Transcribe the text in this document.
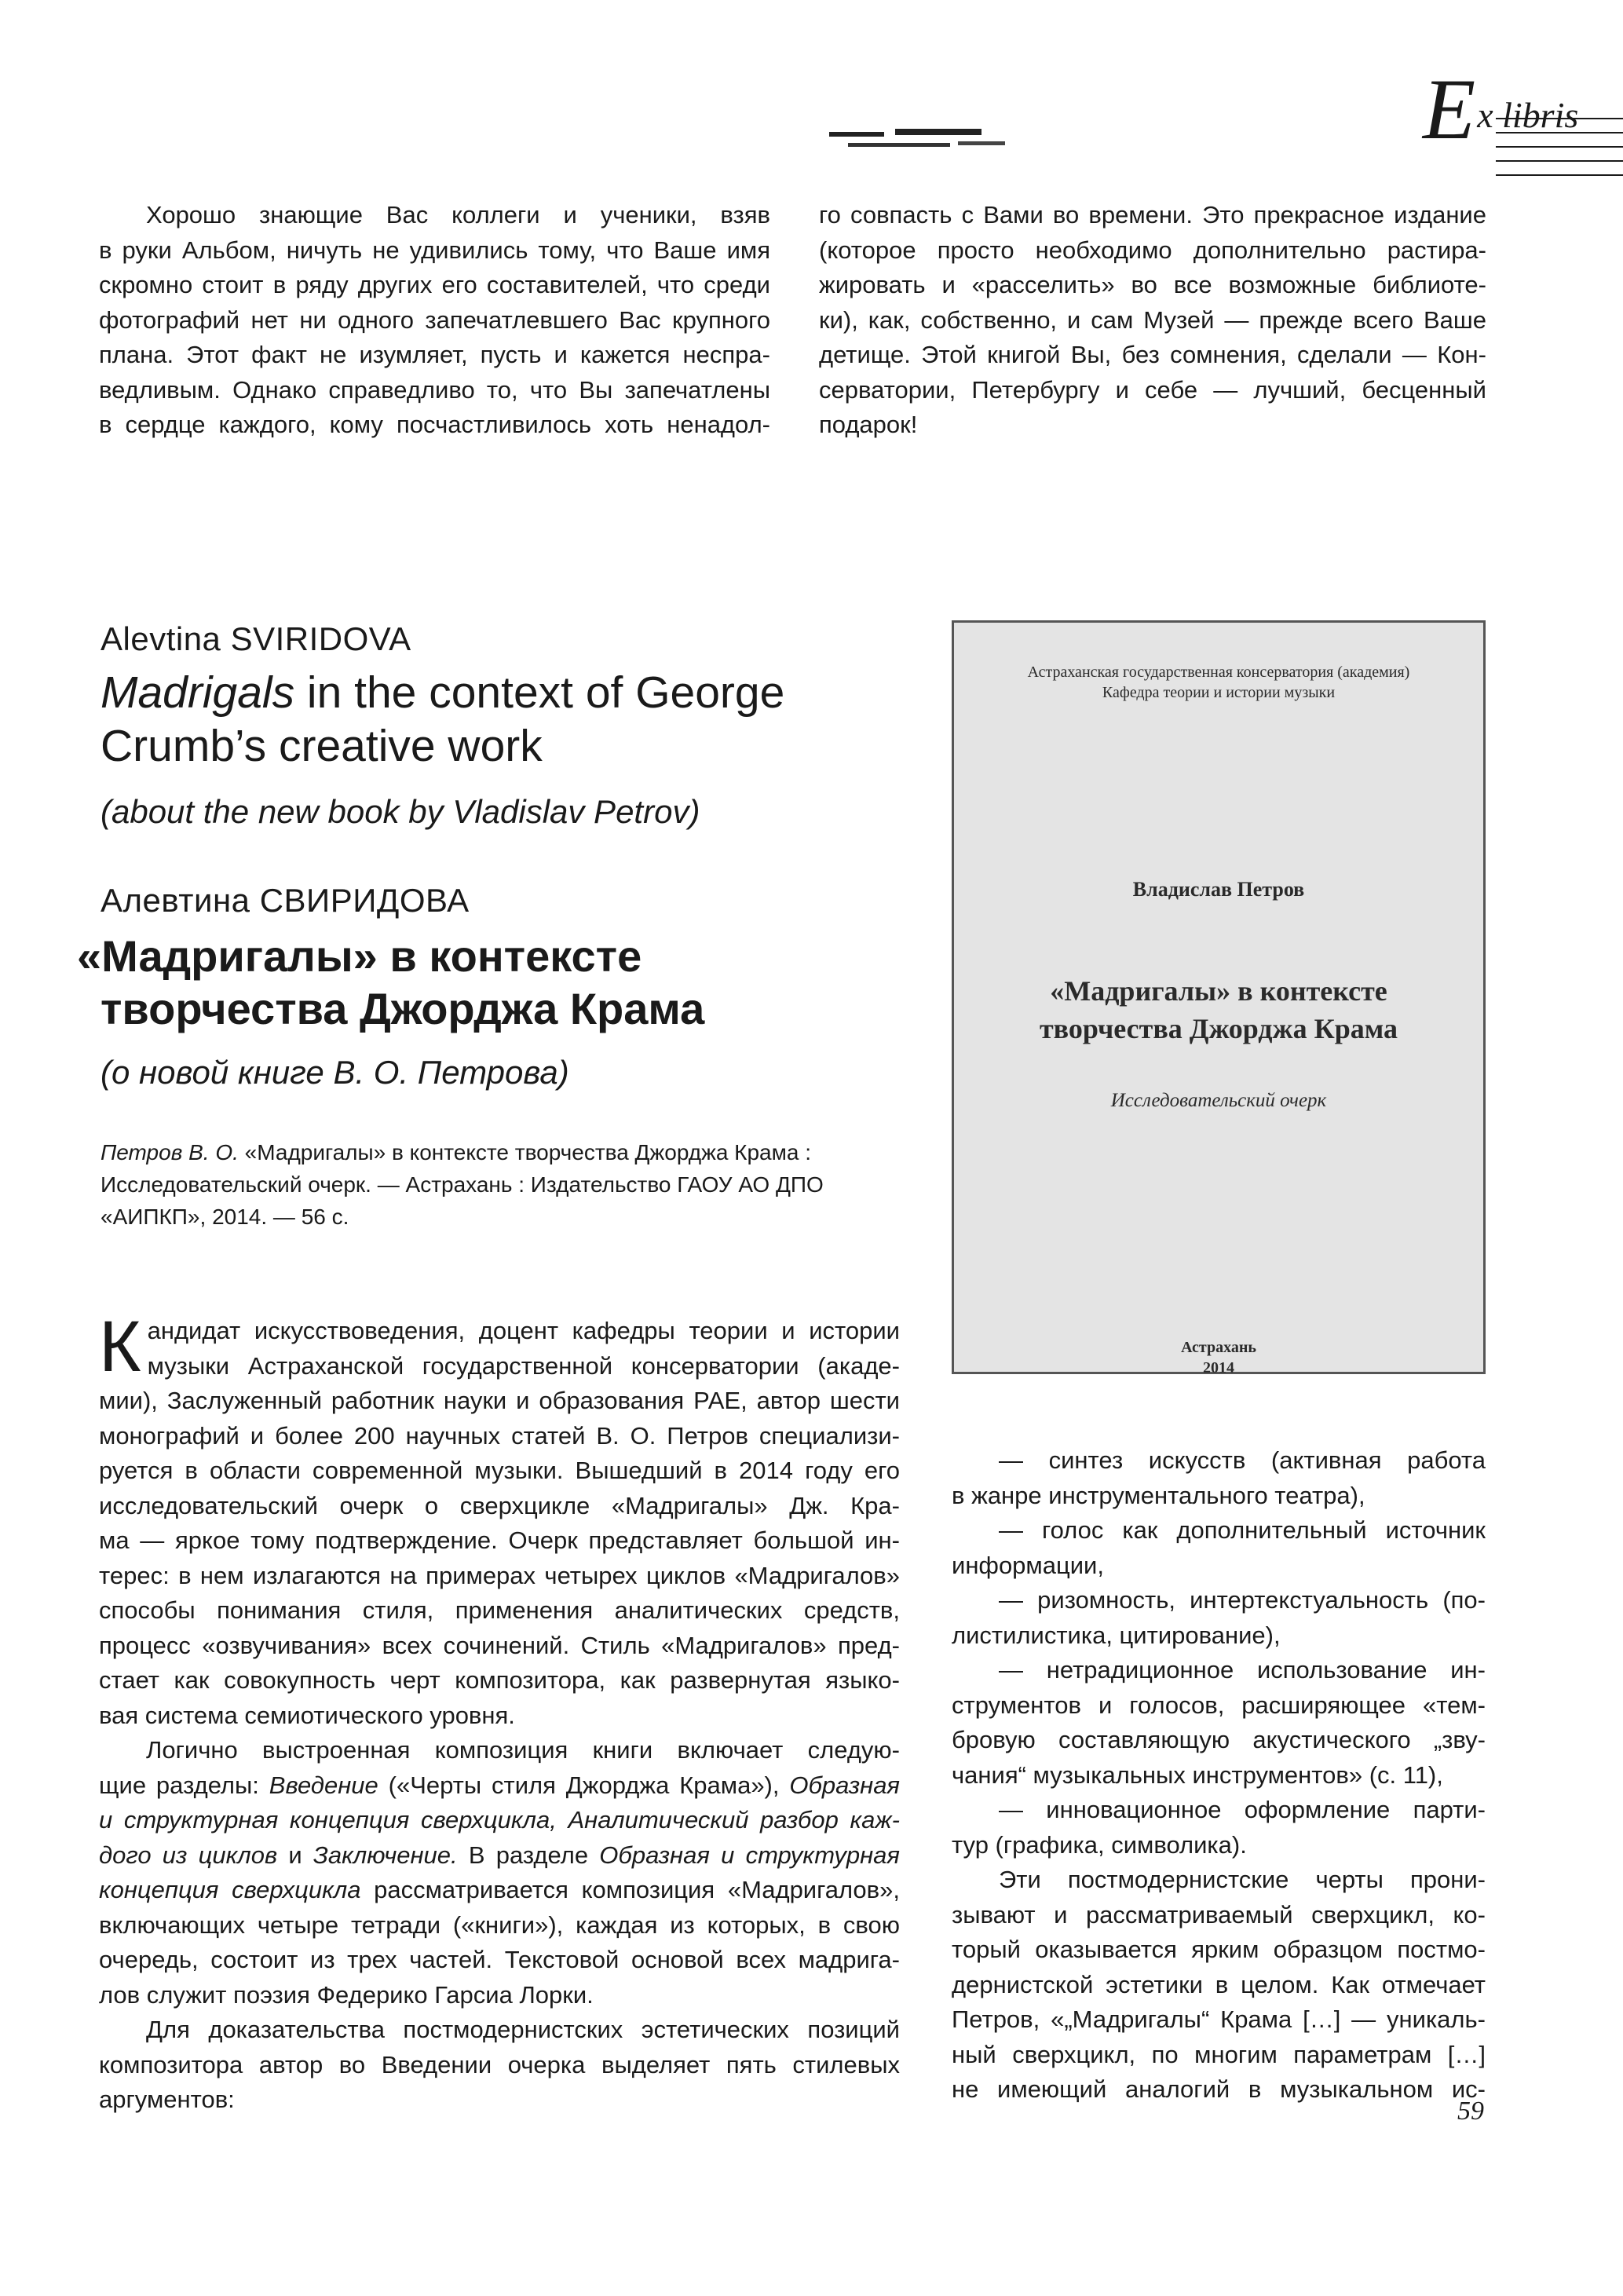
Ex libris
Хорошо знающие Вас коллеги и ученики, взяв
в руки Альбом, ничуть не удивились тому, что Ваше имя
скромно стоит в ряду других его составителей, что среди
фотографий нет ни одного запечатлевшего Вас крупного
плана. Этот факт не изумляет, пусть и кажется неспра-
ведливым. Однако справедливо то, что Вы запечатлены
в сердце каждого, кому посчастливилось хоть ненадол-
го совпасть с Вами во времени. Это прекрасное издание
(которое просто необходимо дополнительно растира-
жировать и «расселить» во все возможные библиоте-
ки), как, собственно, и сам Музей — прежде всего Ваше
детище. Этой книгой Вы, без сомнения, сделали — Кон-
серватории, Петербургу и себе — лучший, бесценный
подарок!
Alevtina SVIRIDOVA
Madrigals in the context of George
Crumb’s creative work
(about the new book by Vladislav Petrov)
Алевтина СВИРИДОВА
«Мадригалы» в контексте
творчества Джорджа Крама
(о новой книге В. О. Петрова)
Петров В. О. «Мадригалы» в контексте творчества Джорджа Крама :
Исследовательский очерк. — Астрахань : Издательство ГАОУ АО ДПО
«АИПКП», 2014. — 56 с.
Астраханская государственная консерватория (академия)
Кафедра теории и истории музыки
Владислав Петров
«Мадригалы» в контексте
творчества Джорджа Крама
Исследовательский очерк
Астрахань
2014

К андидат искусствоведения, доцент кафедры теории и истории
музыки Астраханской государственной консерватории (акаде-
мии), Заслуженный работник науки и образования РАЕ, автор шести
монографий и более 200 научных статей В. О. Петров специализи-
руется в области современной музыки. Вышедший в 2014 году его
исследовательский очерк о сверхцикле «Мадригалы» Дж. Кра-
ма — яркое тому подтверждение. Очерк представляет большой ин-
терес: в нем излагаются на примерах четырех циклов «Мадригалов»
способы понимания стиля, применения аналитических средств,
процесс «озвучивания» всех сочинений. Стиль «Мадригалов» пред-
стает как совокупность черт композитора, как развернутая языко-
вая система семиотического уровня.

Логично выстроенная композиция книги включает следую-
щие разделы: Введение («Черты стиля Джорджа Крама»), Образная
и структурная концепция сверхцикла, Аналитический разбор каж-
дого из циклов и Заключение. В разделе Образная и структурная
концепция сверхцикла рассматривается композиция «Мадригалов»,
включающих четыре тетради («книги»), каждая из которых, в свою
очередь, состоит из трех частей. Текстовой основой всех мадрига-
лов служит поэзия Федерико Гарсиа Лорки.

Для доказательства постмодернистских эстетических позиций
композитора автор во Введении очерка выделяет пять стилевых
аргументов:

— синтез искусств (активная работа
в жанре инструментального театра),
— голос как дополнительный источник
информации,
— ризомность, интертекстуальность (по-
листилистика, цитирование),
— нетрадиционное использование ин-
струментов и голосов, расширяющее «тем-
бровую составляющую акустического „зву-
чания“ музыкальных инструментов» (с. 11),
— инновационное оформление парти-
тур (графика, символика).
Эти постмодернистские черты прони-
зывают и рассматриваемый сверхцикл, ко-
торый оказывается ярким образцом постмо-
дернистской эстетики в целом. Как отмечает
Петров, «„Мадригалы“ Крама […] — уникаль-
ный сверхцикл, по многим параметрам […]
не имеющий аналогий в музыкальном ис-
59
